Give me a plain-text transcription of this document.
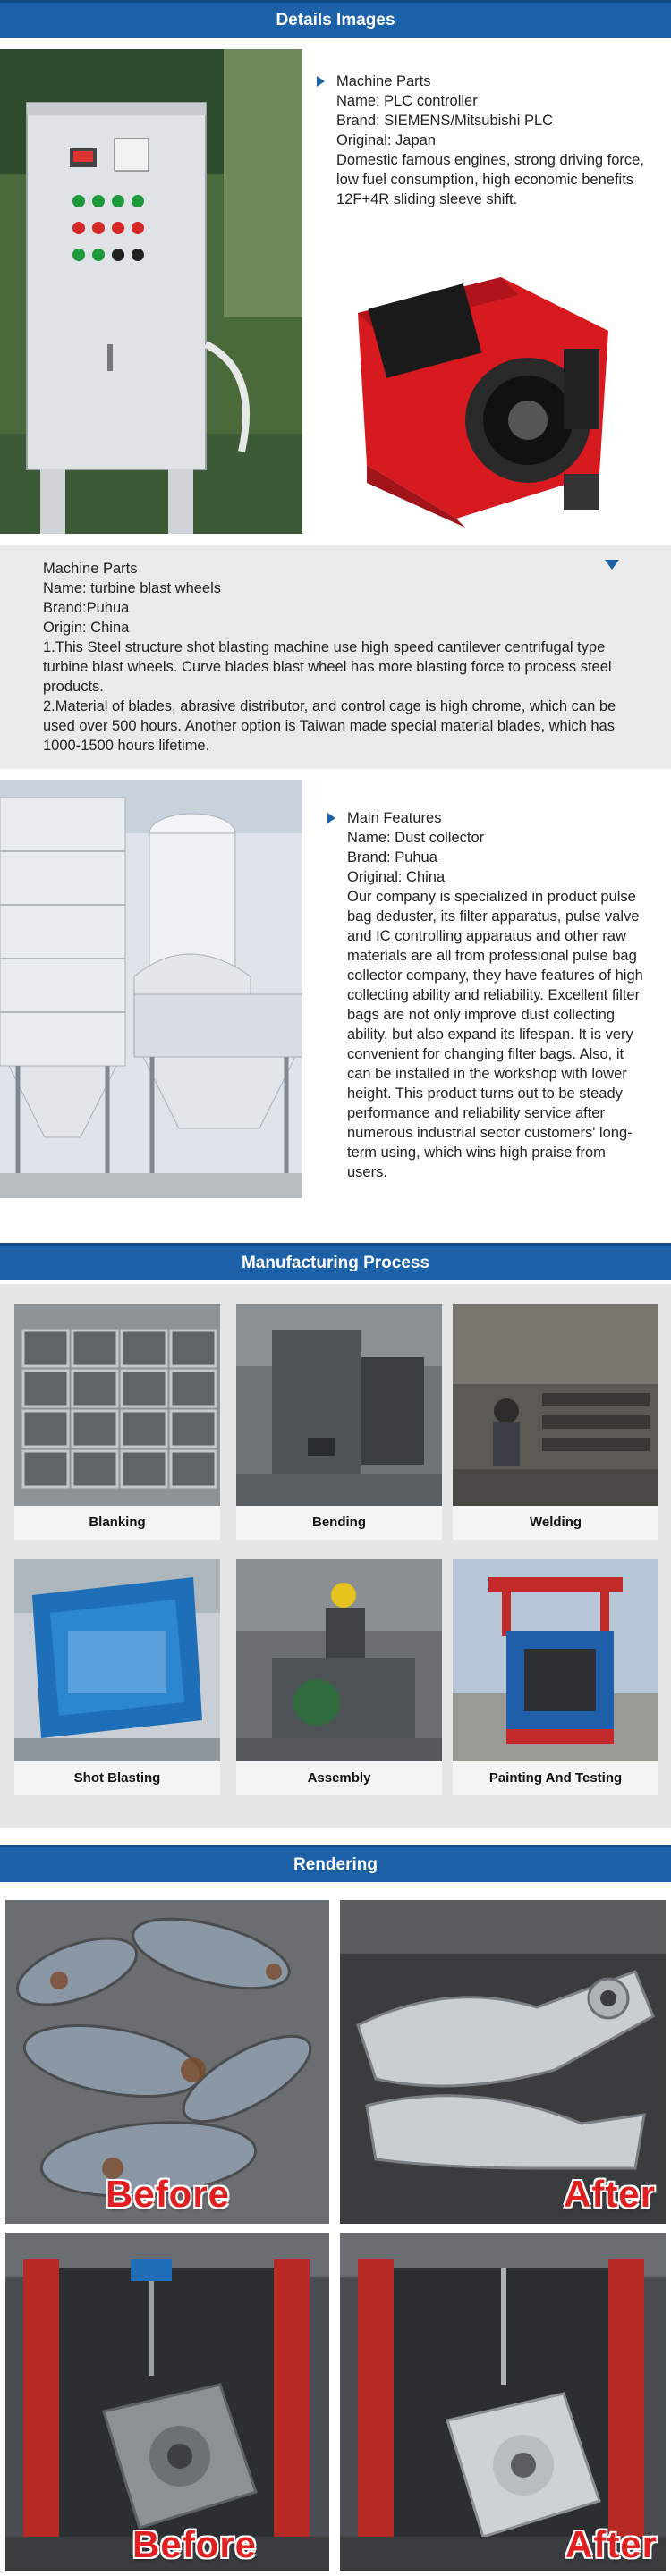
Details Images
Machine Parts
Name: PLC controller
Brand: SIEMENS/Mitsubishi PLC
Original: Japan
Domestic famous engines, strong driving force, low fuel consumption, high economic benefits 12F+4R sliding sleeve shift.
Machine Parts
Name: turbine blast wheels
Brand:Puhua
Origin: China
1.This Steel structure shot blasting machine use high speed cantilever centrifugal type turbine blast wheels. Curve blades blast wheel has more blasting force to process steel products.
2.Material of blades, abrasive distributor, and control cage is high chrome, which can be used over 500 hours. Another option is Taiwan made special material blades, which has 1000-1500 hours lifetime.
Main Features
Name: Dust collector
Brand: Puhua
Original: China
Our company is specialized in product pulse bag deduster, its filter apparatus, pulse valve and IC controlling apparatus and other raw materials are all from professional pulse bag collector company, they have features of high collecting ability and reliability. Excellent filter bags are not only improve dust collecting ability, but also expand its lifespan. It is very convenient for changing filter bags. Also, it can be installed in the workshop with lower height. This product turns out to be steady performance and reliability service after numerous industrial sector customers' long-term using, which wins high praise from users.
Manufacturing Process
Blanking	Bending	Welding
Shot Blasting	Assembly	Painting And Testing
Rendering
Before	After
Before	After
